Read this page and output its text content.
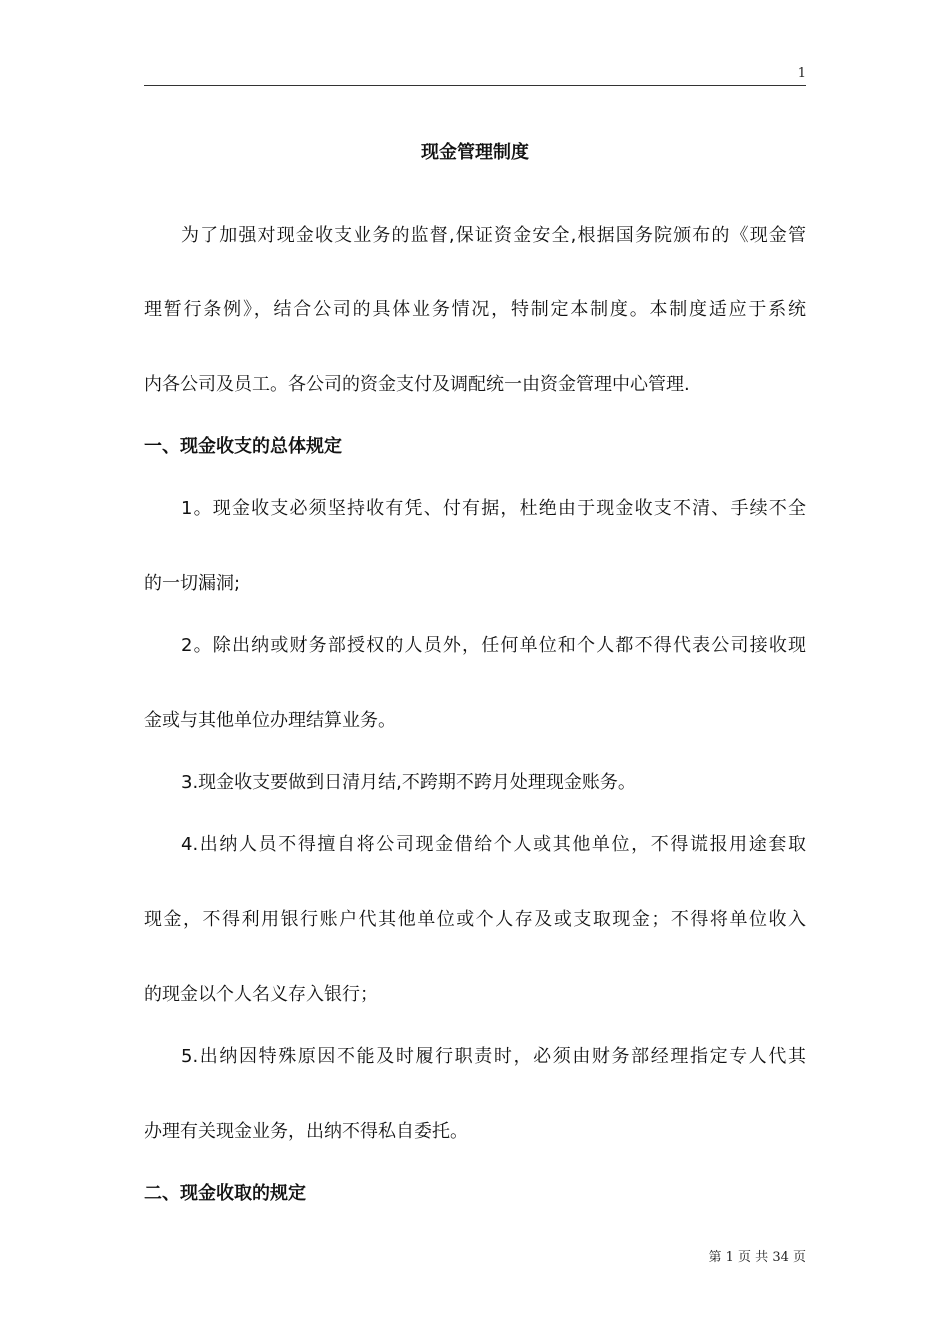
1
现金管理制度
为了加强对现金收支业务的监督,保证资金安全,根据国务院颁布的《现金管
理暂行条例》，结合公司的具体业务情况，特制定本制度。本制度适应于系统
内各公司及员工。各公司的资金支付及调配统一由资金管理中心管理.
一、现金收支的总体规定
1。现金收支必须坚持收有凭、付有据，杜绝由于现金收支不清、手续不全
的一切漏洞;
2。除出纳或财务部授权的人员外，任何单位和个人都不得代表公司接收现
金或与其他单位办理结算业务。
3.现金收支要做到日清月结,不跨期不跨月处理现金账务。
4.出纳人员不得擅自将公司现金借给个人或其他单位，不得谎报用途套取
现金，不得利用银行账户代其他单位或个人存及或支取现金；不得将单位收入
的现金以个人名义存入银行；
5.出纳因特殊原因不能及时履行职责时，必须由财务部经理指定专人代其
办理有关现金业务，出纳不得私自委托。
二、现金收取的规定
第 1 页 共 34 页
